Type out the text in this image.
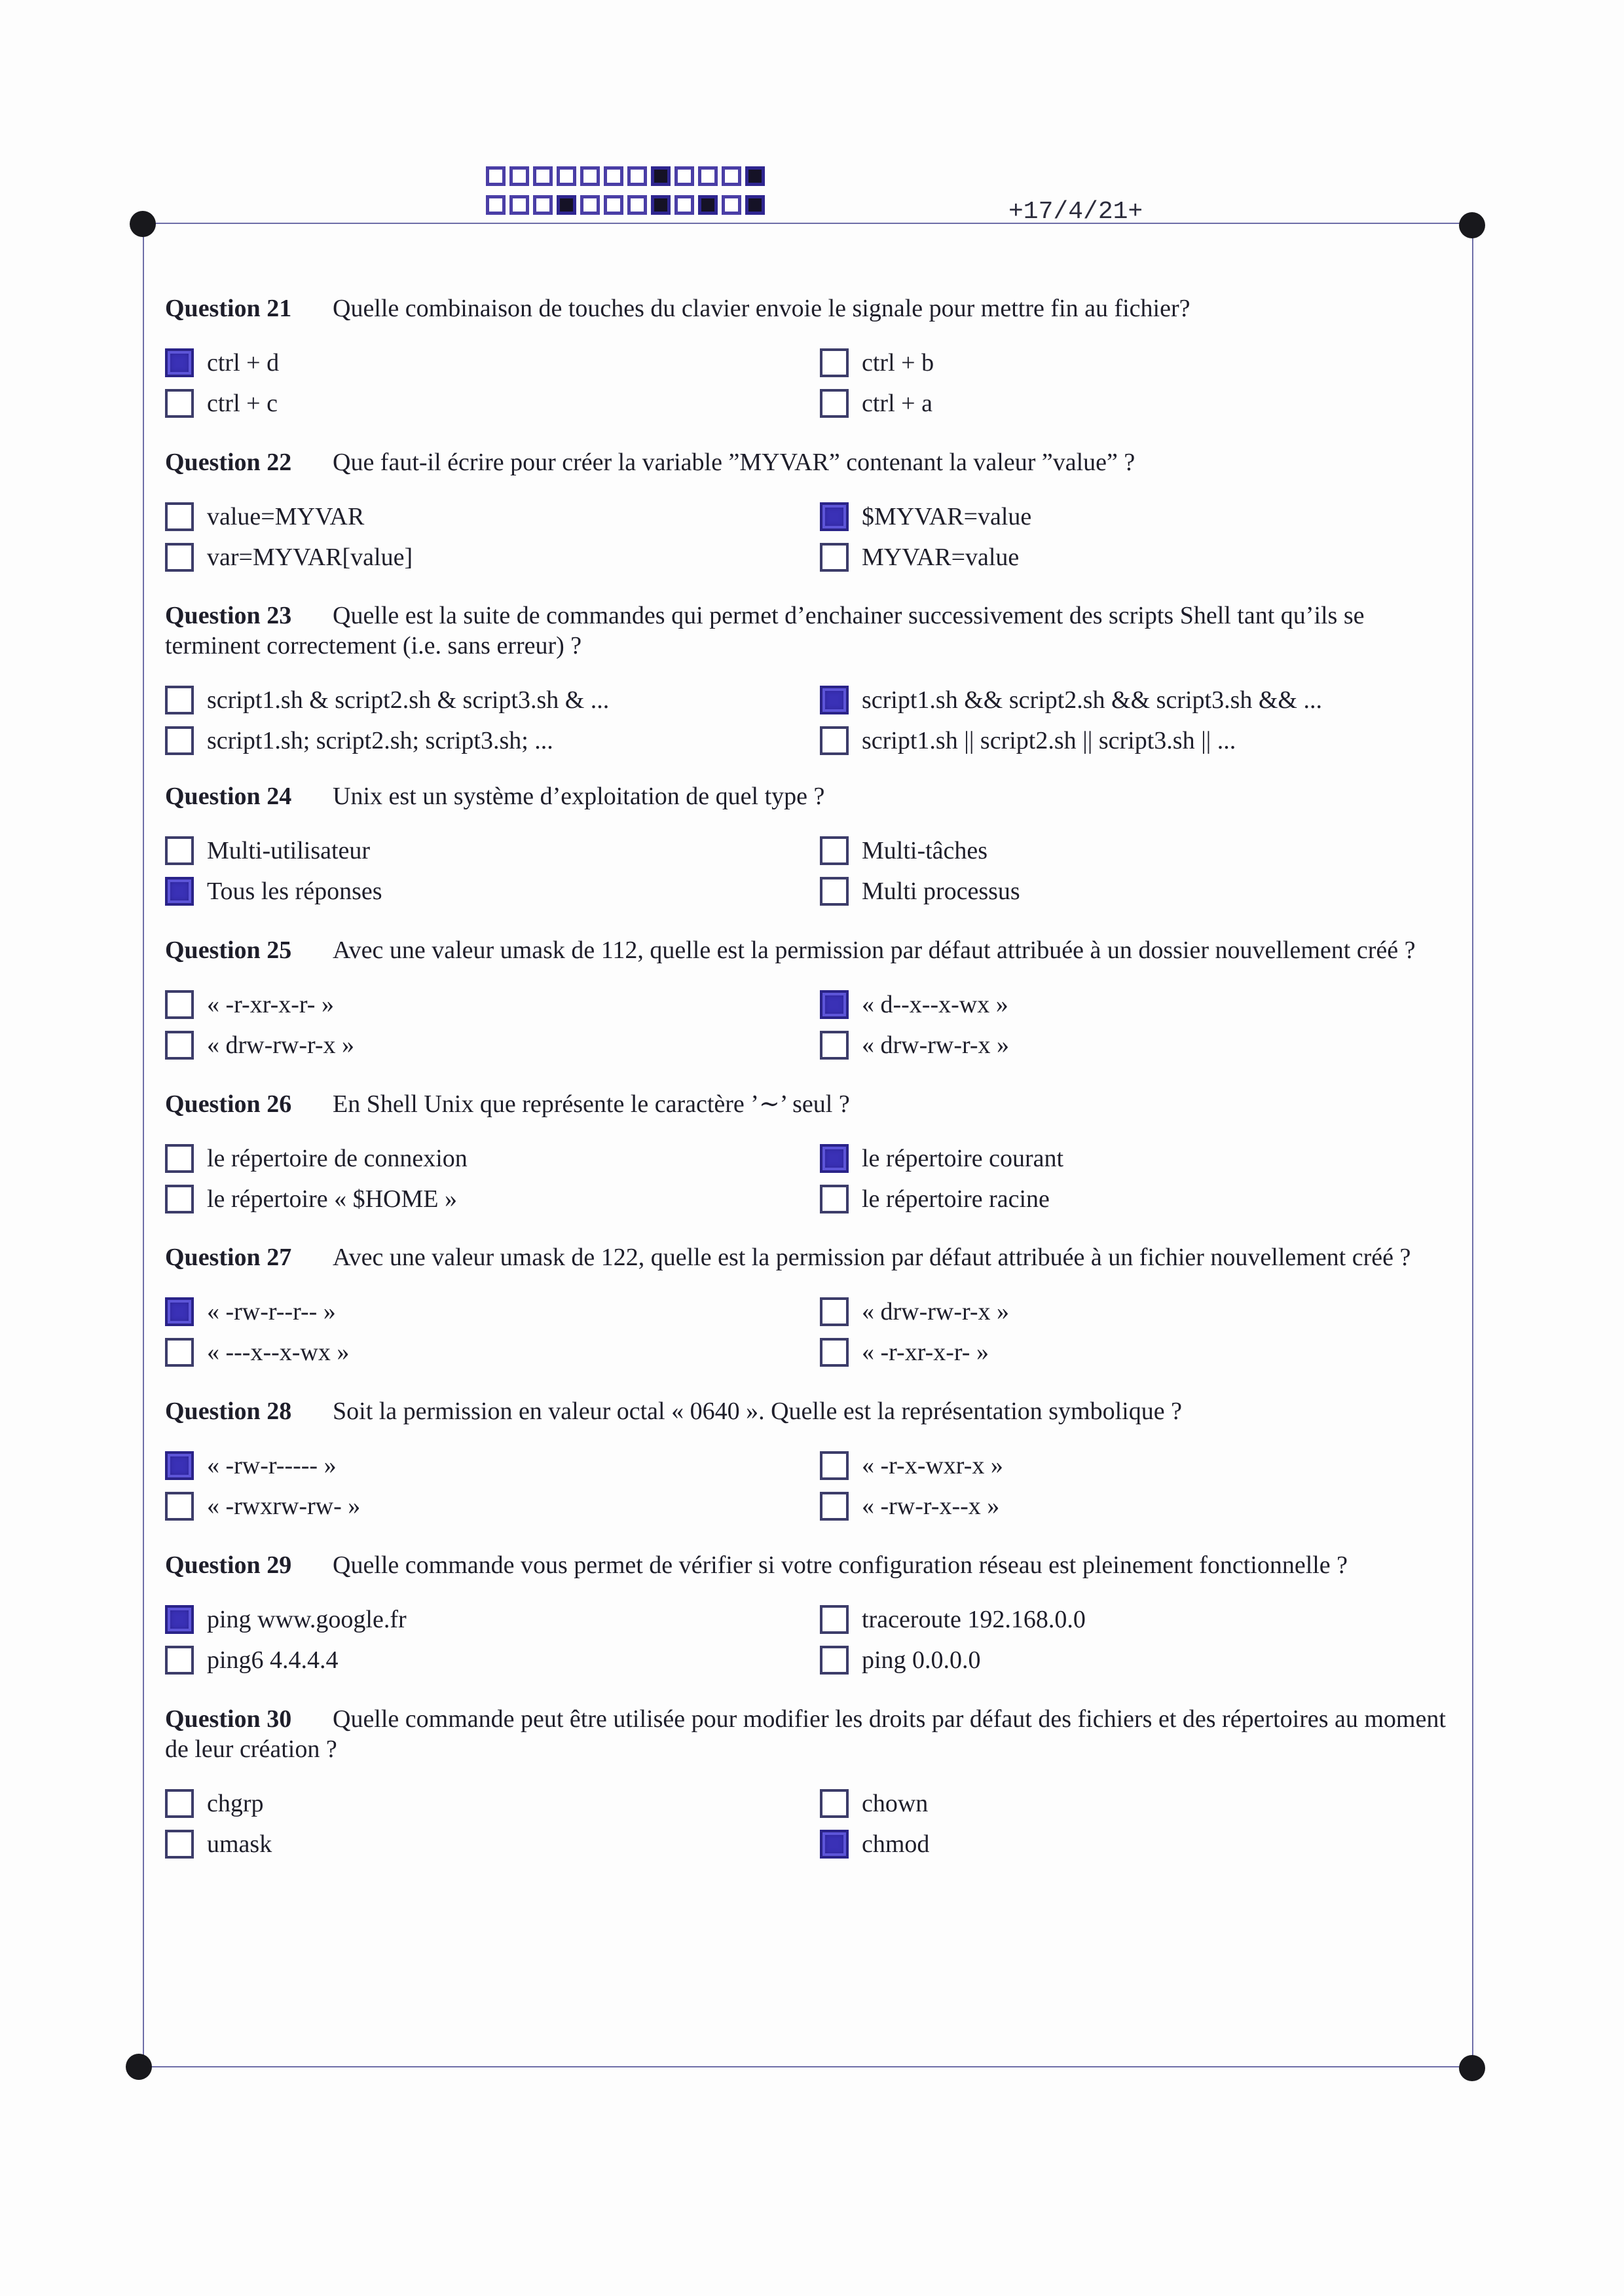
+17/4/21+
Question 21 Quelle combinaison de touches du clavier envoie le signale pour mettre fin au fichier?
ctrl + d	ctrl + b
ctrl + c	ctrl + a
Question 22 Que faut-il écrire pour créer la variable ”MYVAR” contenant la valeur ”value” ?
value=MYVAR	$MYVAR=value
var=MYVAR[value]	MYVAR=value
Question 23 Quelle est la suite de commandes qui permet d’enchainer successivement des scripts Shell tant qu’ils se terminent correctement (i.e. sans erreur) ?
script1.sh & script2.sh & script3.sh & ...	script1.sh && script2.sh && script3.sh && ...
script1.sh; script2.sh; script3.sh; ...	script1.sh || script2.sh || script3.sh || ...
Question 24 Unix est un système d’exploitation de quel type ?
Multi-utilisateur	Multi-tâches
Tous les réponses	Multi processus
Question 25 Avec une valeur umask de 112, quelle est la permission par défaut attribuée à un dossier nouvellement créé ?
« -r-xr-x-r- »	« d--x--x-wx »
« drw-rw-r-x »	« drw-rw-r-x »
Question 26 En Shell Unix que représente le caractère ’∼’ seul ?
le répertoire de connexion	le répertoire courant
le répertoire « $HOME »	le répertoire racine
Question 27 Avec une valeur umask de 122, quelle est la permission par défaut attribuée à un fichier nouvellement créé ?
« -rw-r--r-- »	« drw-rw-r-x »
« ---x--x-wx »	« -r-xr-x-r- »
Question 28 Soit la permission en valeur octal « 0640 ». Quelle est la représentation symbolique ?
« -rw-r----- »	« -r-x-wxr-x »
« -rwxrw-rw- »	« -rw-r-x--x »
Question 29 Quelle commande vous permet de vérifier si votre configuration réseau est pleinement fonctionnelle ?
ping www.google.fr	traceroute 192.168.0.0
ping6 4.4.4.4	ping 0.0.0.0
Question 30 Quelle commande peut être utilisée pour modifier les droits par défaut des fichiers et des répertoires au moment de leur création ?
chgrp	chown
umask	chmod
